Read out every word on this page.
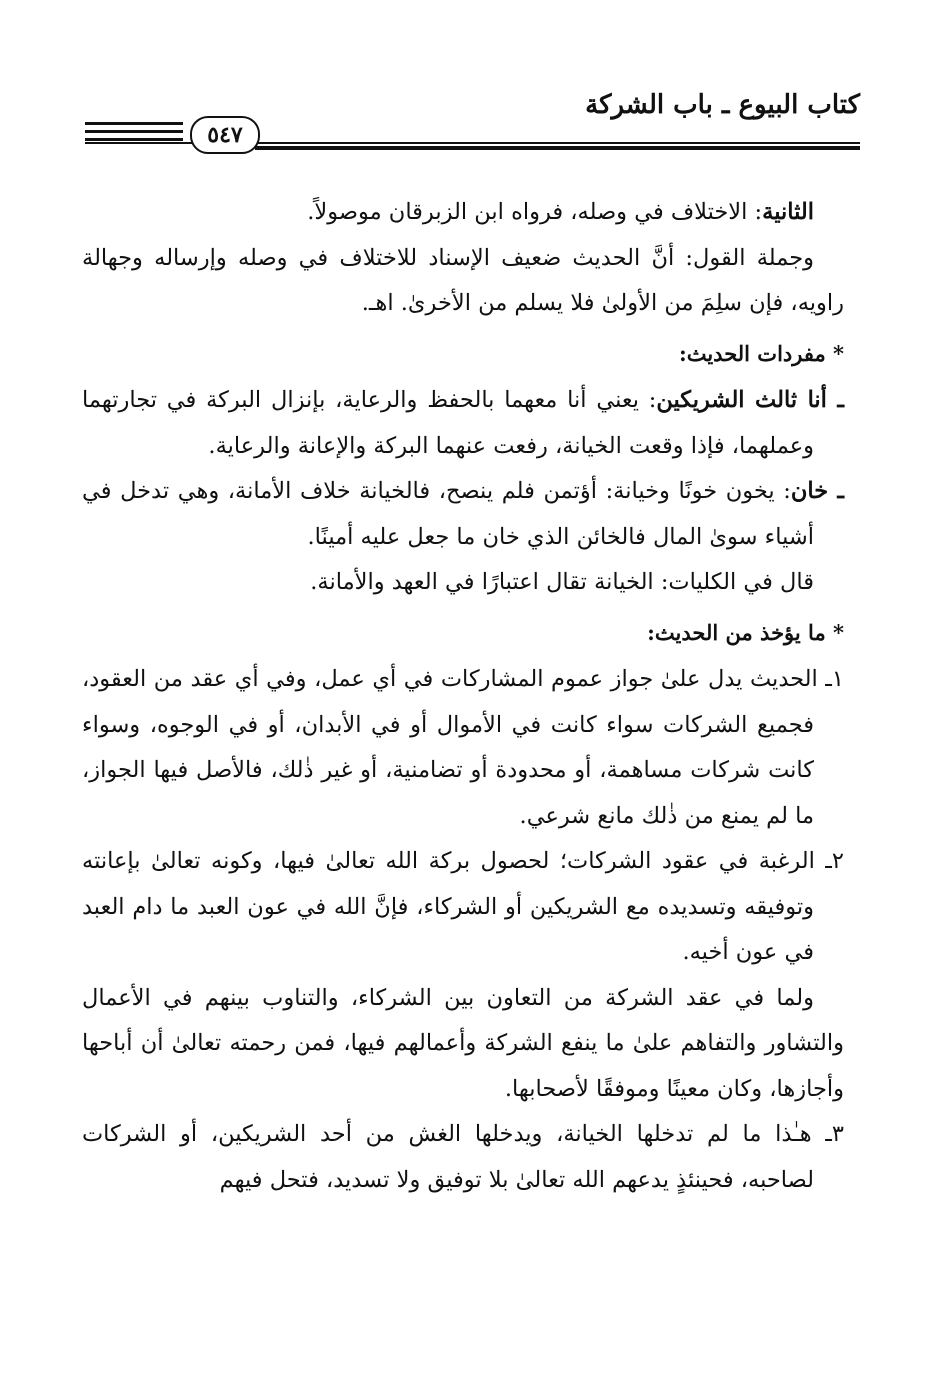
كتاب البيوع ـ باب الشركة
٥٤٧

الثانية: الاختلاف في وصله، فرواه ابن الزبرقان موصولاً.

وجملة القول: أنَّ الحديث ضعيف الإسناد للاختلاف في وصله وإرساله وجهالة راويه، فإن سلِمَ من الأولىٰ فلا يسلم من الأخرىٰ. اهـ.

* مفردات الحديث:

ـ أنا ثالث الشريكين: يعني أنا معهما بالحفظ والرعاية، بإنزال البركة في تجارتهما وعملهما، فإذا وقعت الخيانة، رفعت عنهما البركة والإعانة والرعاية.

ـ خان: يخون خونًا وخيانة: أؤتمن فلم ينصح، فالخيانة خلاف الأمانة، وهي تدخل في أشياء سوىٰ المال فالخائن الذي خان ما جعل عليه أمينًا.

قال في الكليات: الخيانة تقال اعتبارًا في العهد والأمانة.

* ما يؤخذ من الحديث:

١ـ الحديث يدل علىٰ جواز عموم المشاركات في أي عمل، وفي أي عقد من العقود، فجميع الشركات سواء كانت في الأموال أو في الأبدان، أو في الوجوه، وسواء كانت شركات مساهمة، أو محدودة أو تضامنية، أو غير ذٰلك، فالأصل فيها الجواز، ما لم يمنع من ذٰلك مانع شرعي.

٢ـ الرغبة في عقود الشركات؛ لحصول بركة الله تعالىٰ فيها، وكونه تعالىٰ بإعانته وتوفيقه وتسديده مع الشريكين أو الشركاء، فإنَّ الله في عون العبد ما دام العبد في عون أخيه.

ولما في عقد الشركة من التعاون بين الشركاء، والتناوب بينهم في الأعمال والتشاور والتفاهم علىٰ ما ينفع الشركة وأعمالهم فيها، فمن رحمته تعالىٰ أن أباحها وأجازها، وكان معينًا وموفقًا لأصحابها.

٣ـ هـٰذا ما لم تدخلها الخيانة، ويدخلها الغش من أحد الشريكين، أو الشركات لصاحبه، فحينئذٍ يدعهم الله تعالىٰ بلا توفيق ولا تسديد، فتحل فيهم
